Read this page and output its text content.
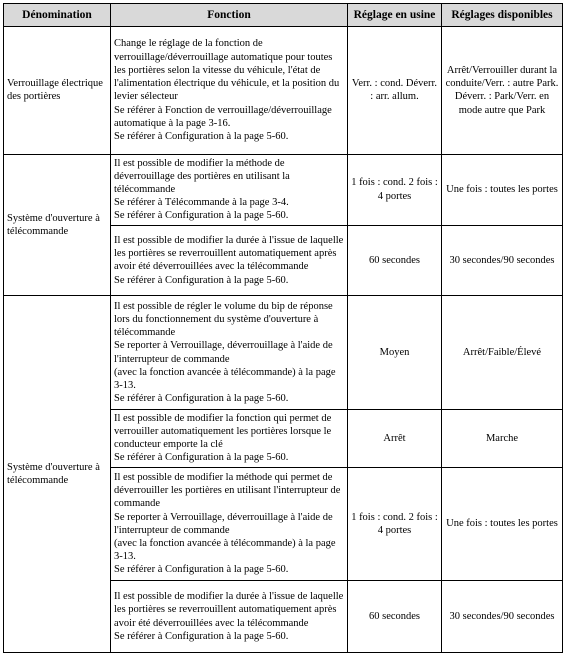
Dénomination	Fonction	Réglage en usine	Réglages disponibles
Verrouillage électrique des portières	Change le réglage de la fonction de verrouillage/déverrouillage automatique pour toutes les portières selon la vitesse du véhicule, l'état de l'alimentation électrique du véhicule, et la position du levier sélecteur
Se référer à Fonction de verrouillage/déverrouillage automatique à la page 3-16.
Se référer à Configuration à la page 5-60.	Verr. : cond. Déverr. : arr. allum.	Arrêt/Verrouiller durant la conduite/Verr. : autre Park. Déverr. : Park/Verr. en mode autre que Park
Système d'ouverture à télécommande	Il est possible de modifier la méthode de déverrouillage des portières en utilisant la télécommande
Se référer à Télécommande à la page 3-4.
Se référer à Configuration à la page 5-60.	1 fois : cond. 2 fois : 4 portes	Une fois : toutes les portes

	Il est possible de modifier la durée à l'issue de laquelle les portières se reverrouillent automatiquement après avoir été déverrouillées avec la télécommande
Se référer à Configuration à la page 5-60.	60 secondes	30 secondes/90 secondes
Système d'ouverture à télécommande	Il est possible de régler le volume du bip de réponse lors du fonctionnement du système d'ouverture à télécommande
Se reporter à Verrouillage, déverrouillage à l'aide de l'interrupteur de commande
(avec la fonction avancée à télécommande) à la page 3-13.
Se référer à Configuration à la page 5-60.	Moyen	Arrêt/Faible/Élevé

	Il est possible de modifier la fonction qui permet de verrouiller automatiquement les portières lorsque le conducteur emporte la clé
Se référer à Configuration à la page 5-60.	Arrêt	Marche

	Il est possible de modifier la méthode qui permet de déverrouiller les portières en utilisant l'interrupteur de commande
Se reporter à Verrouillage, déverrouillage à l'aide de l'interrupteur de commande
(avec la fonction avancée à télécommande) à la page 3-13.
Se référer à Configuration à la page 5-60.	1 fois : cond. 2 fois : 4 portes	Une fois : toutes les portes

	Il est possible de modifier la durée à l'issue de laquelle les portières se reverrouillent automatiquement après avoir été déverrouillées avec la télécommande
Se référer à Configuration à la page 5-60.	60 secondes	30 secondes/90 secondes
